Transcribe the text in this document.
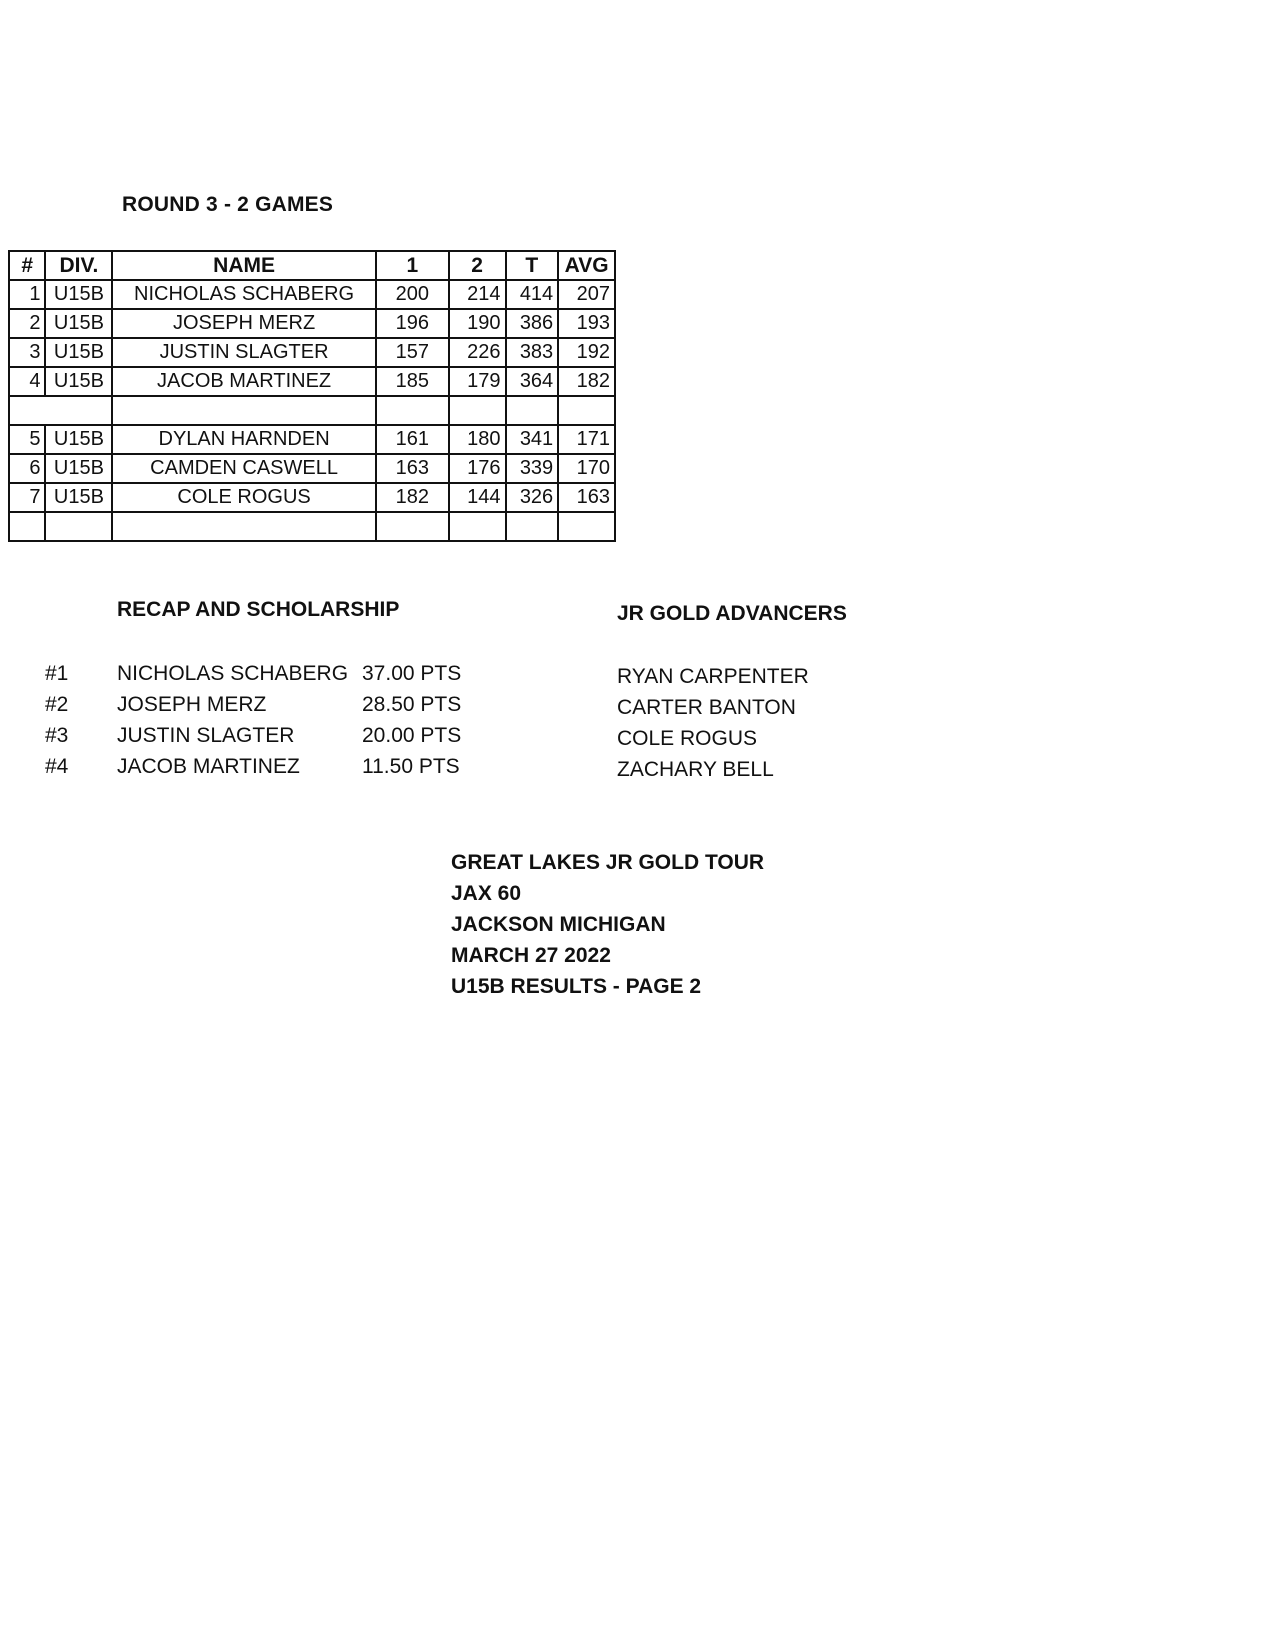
ROUND 3 - 2 GAMES
#	DIV.	NAME	1	2	T	AVG
1	U15B	NICHOLAS SCHABERG	200	214	414	207
2	U15B	JOSEPH MERZ	196	190	386	193
3	U15B	JUSTIN SLAGTER	157	226	383	192
4	U15B	JACOB MARTINEZ	185	179	364	182

5	U15B	DYLAN HARNDEN	161	180	341	171
6	U15B	CAMDEN CASWELL	163	176	339	170
7	U15B	COLE ROGUS	182	144	326	163

RECAP AND SCHOLARSHIP	JR GOLD ADVANCERS
#1	NICHOLAS SCHABERG 37.00 PTS
#2	JOSEPH MERZ	28.50 PTS
#3	JUSTIN SLAGTER	20.00 PTS
#4	JACOB MARTINEZ	11.50 PTS
RYAN CARPENTER
CARTER BANTON
COLE ROGUS
ZACHARY BELL
GREAT LAKES JR GOLD TOUR
JAX 60
JACKSON MICHIGAN
MARCH 27 2022
U15B RESULTS - PAGE 2
